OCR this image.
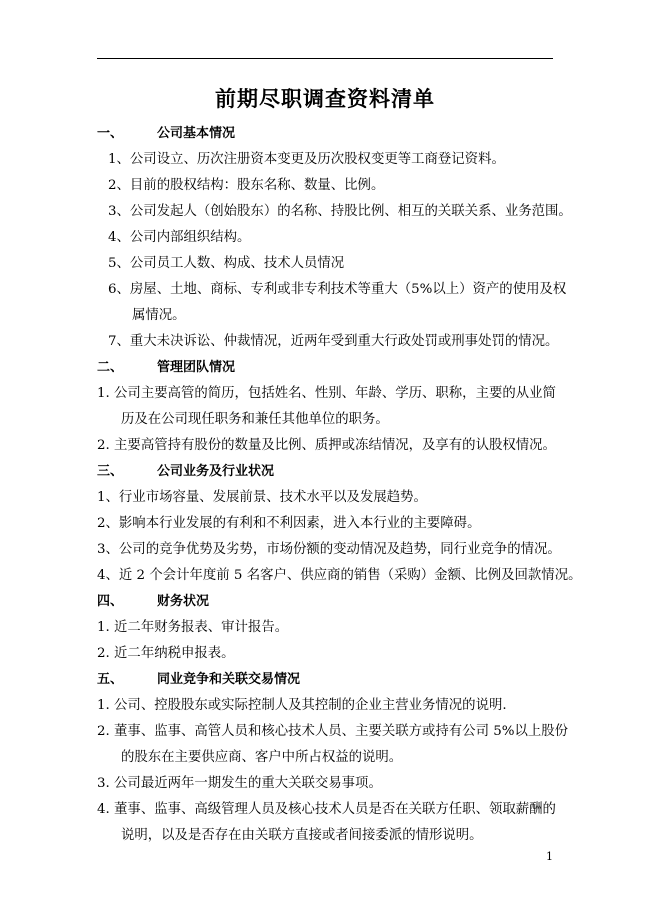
前期尽职调查资料清单
一、	公司基本情况
1、公司设立、历次注册资本变更及历次股权变更等工商登记资料。
2、目前的股权结构：股东名称、数量、比例。
3、公司发起人（创始股东）的名称、持股比例、相互的关联关系、业务范围。
4、公司内部组织结构。
5、公司员工人数、构成、技术人员情况
6、房屋、土地、商标、专利或非专利技术等重大（5%以上）资产的使用及权
属情况。
7、重大未决诉讼、仲裁情况，近两年受到重大行政处罚或刑事处罚的情况。
二、	管理团队情况
1. 公司主要高管的简历，包括姓名、性别、年龄、学历、职称，主要的从业简
历及在公司现任职务和兼任其他单位的职务。
2. 主要高管持有股份的数量及比例、质押或冻结情况，及享有的认股权情况。
三、	公司业务及行业状况
1、行业市场容量、发展前景、技术水平以及发展趋势。
2、影响本行业发展的有利和不利因素，进入本行业的主要障碍。
3、公司的竞争优势及劣势，市场份额的变动情况及趋势，同行业竞争的情况。
4、近 2 个会计年度前 5 名客户、供应商的销售（采购）金额、比例及回款情况。
四、	财务状况
1. 近二年财务报表、审计报告。
2. 近二年纳税申报表。
五、	同业竞争和关联交易情况
1. 公司、控股股东或实际控制人及其控制的企业主营业务情况的说明.
2. 董事、监事、高管人员和核心技术人员、主要关联方或持有公司 5%以上股份
的股东在主要供应商、客户中所占权益的说明。
3. 公司最近两年一期发生的重大关联交易事项。
4. 董事、监事、高级管理人员及核心技术人员是否在关联方任职、领取薪酬的
说明，以及是否存在由关联方直接或者间接委派的情形说明。
1
